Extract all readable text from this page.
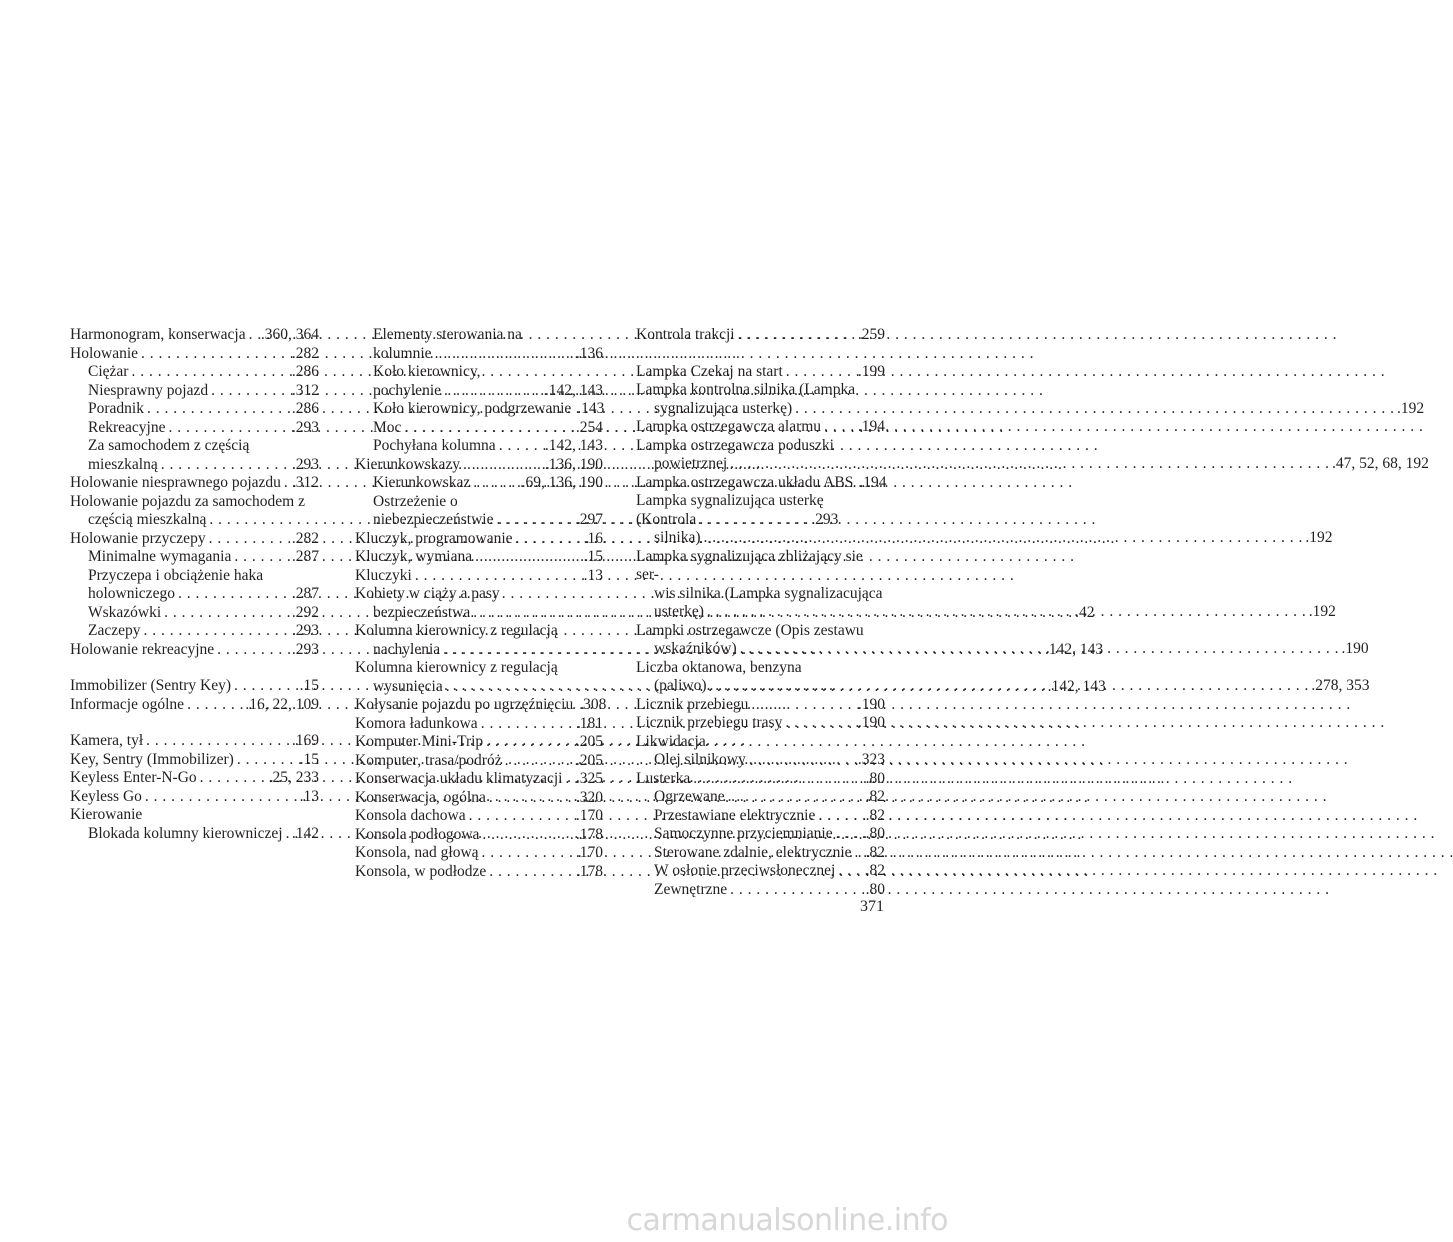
Harmonogram, konserwacja . . . .360, 364
Holowanie . . .	.282
Ciężar . . .	.286
Niesprawny pojazd . . .	.312
Poradnik . . .	.286
Rekreacyjne . . .	.293
Za samochodem z częścią
mieszkalną . . .	.293
Holowanie niesprawnego pojazdu . . . .312
Holowanie pojazdu za samochodem z
częścią mieszkalną . . .	.293
Holowanie przyczepy . . .	.282
Minimalne wymagania . . .	.287
Przyczepa i obciążenie haka
holowniczego . . .	.287
Wskazówki . . .	.292
Zaczepy . . .	.293
Holowanie rekreacyjne . . .	.293
Immobilizer (Sentry Key) . . .	.15
Informacje ogólne . . .	.16, 22, 109
Kamera, tył . . .	.169
Key, Sentry (Immobilizer) . . .	.15
Keyless Enter-N-Go . . .	.25, 233
Keyless Go . . .	.13
Kierowanie
Blokada kolumny kierowniczej . . . .142
Elementy sterowania na
kolumnie . . .	.136
Koło kierownicy,
pochylenie . . .	.142, 143
Koło kierownicy, podgrzewanie .143
Moc . . .	.254
Pochyłana kolumna . . .	.142, 143
Kierunkowskazy . . .	.136, 190
Kierunkowskaz . . .	.69, 136, 190
Ostrzeżenie o
niebezpieczeństwie . . .	.297
Kluczyk, programowanie . . .	.16
Kluczyk, wymiana . . .	.15
Kluczyki . . .	.13
Kobiety w ciąży a pasy
bezpieczeństwa . . .	.42
Kolumna kierownicy z regulacją
nachylenia . . .	.142, 143
Kolumna kierownicy z regulacją
wysunięcia . . .	.142, 143
Kołysanie pojazdu po ugrzęźnięciu .308
Komora ładunkowa . . .	.181
Komputer Mini-Trip . . .	.205
Komputer, trasa/podróż . . .	.205
Konserwacja układu klimatyzacji . . . .325
Konserwacja, ogólna . . .	.320
Konsola dachowa . . .	.170
Konsola podłogowa . . .	.178
Konsola, nad głową . . .	.170
Konsola, w podłodze . . .	.178
Kontrola trakcji . . .	.259
Lampka Czekaj na start . . .	.199
Lampka kontrolna silnika (Lampka
sygnalizująca usterkę) . . .	.192
Lampka ostrzegawcza alarmu . . . .194
Lampka ostrzegawcza poduszki
powietrznej . . .	.47, 52, 68, 192
Lampka ostrzegawcza układu ABS .194
Lampka sygnalizująca usterkę (Kontrola
silnika) . . .	.192
Lampka sygnalizująca zbliżający sie ser-
wis silnika (Lampka sygnalizacująca
usterkę) . . .	.192
Lampki ostrzegawcze (Opis zestawu
wskaźników) . . .	.190
Liczba oktanowa, benzyna
(paliwo) . . .	.278, 353
Licznik przebiegu . . .	.190
Licznik przebiegu trasy . . .	.190
Likwidacja
Olej silnikowy . . .	.323
Lusterka . . .	.80
Ogrzewane . . .	.82
Przestawiane elektrycznie . . .	.82
Samoczynne przyciemnianie . . . .80
Sterowane zdalnie, elektrycznie . . . .82
W osłonie przeciwsłonecznej . . . .82
Zewnętrzne . . .	.80
371
carmanualsonline.info
